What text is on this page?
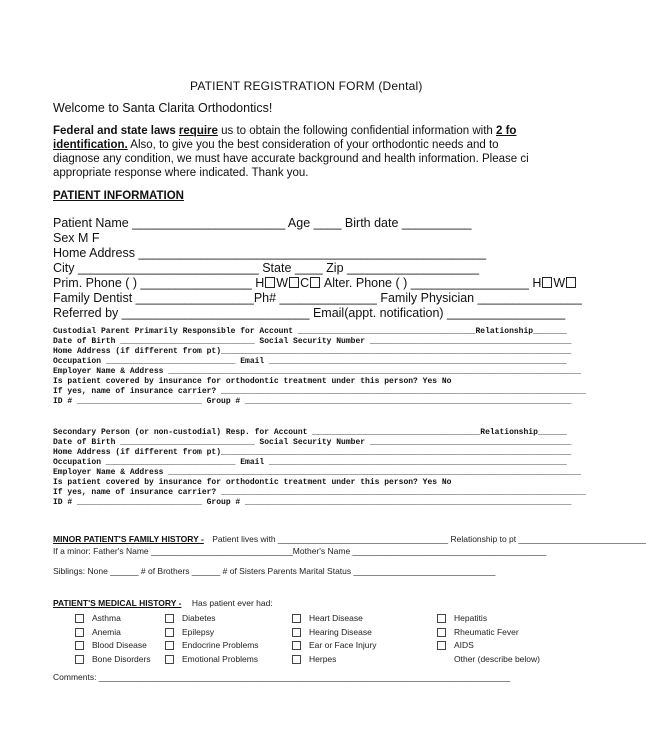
PATIENT REGISTRATION FORM (Dental)
Welcome to Santa Clarita Orthodontics!
Federal and state laws require us to obtain the following confidential information with 2 fo
identification. Also, to give you the best consideration of your orthodontic needs and to
diagnose any condition, we must have accurate background and health information. Please ci
appropriate response where indicated. Thank you.
PATIENT INFORMATION
Patient Name ______________________ Age ____ Birth date __________
Sex M F
Home Address __________________________________________________
City __________________________ State ____ Zip ___________________
Prim. Phone ( ) ________________ H W C Alter. Phone ( ) _________________ H W
Family Dentist _________________Ph# ______________ Family Physician _______________
Referred by ___________________________ Email(appt. notification) _________________
Custodial Parent Primarily Responsible for Account _____________________________________Relationship_______
Date of Birth ____________________________ Social Security Number __________________________________________
Home Address (if different from pt)_________________________________________________________________________
Occupation ___________________________ Email ______________________________________________________________
Employer Name & Address ______________________________________________________________________________________
Is patient covered by insurance for orthodontic treatment under this person? Yes No
If yes, name of insurance carrier? ____________________________________________________________________________
ID # __________________________ Group # ____________________________________________________________________
Secondary Person (or non-custodial) Resp. for Account ___________________________________Relationship______
Date of Birth ____________________________ Social Security Number __________________________________________
Home Address (if different from pt)_________________________________________________________________________
Occupation ___________________________ Email ______________________________________________________________
Employer Name & Address ______________________________________________________________________________________
Is patient covered by insurance for orthodontic treatment under this person? Yes No
If yes, name of insurance carrier? ____________________________________________________________________________
ID # __________________________ Group # ____________________________________________________________________
MINOR PATIENT'S FAMILY HISTORY - Patient lives with ____________________________________ Relationship to pt ___________________________
If a minor: Father's Name ______________________________Mother's Name _________________________________________
Siblings: None ______ # of Brothers ______ # of Sisters Parents Marital Status ______________________________
PATIENT'S MEDICAL HISTORY - Has patient ever had:
Asthma
Anemia
Blood Disease
Bone Disorders
Diabetes
Epilepsy
Endocrine Problems
Emotional Problems
Heart Disease
Hearing Disease
Ear or Face Injury
Herpes
Hepatitis
Rheumatic Fever
AIDS
Other (describe below)
Comments: _______________________________________________________________________________________
